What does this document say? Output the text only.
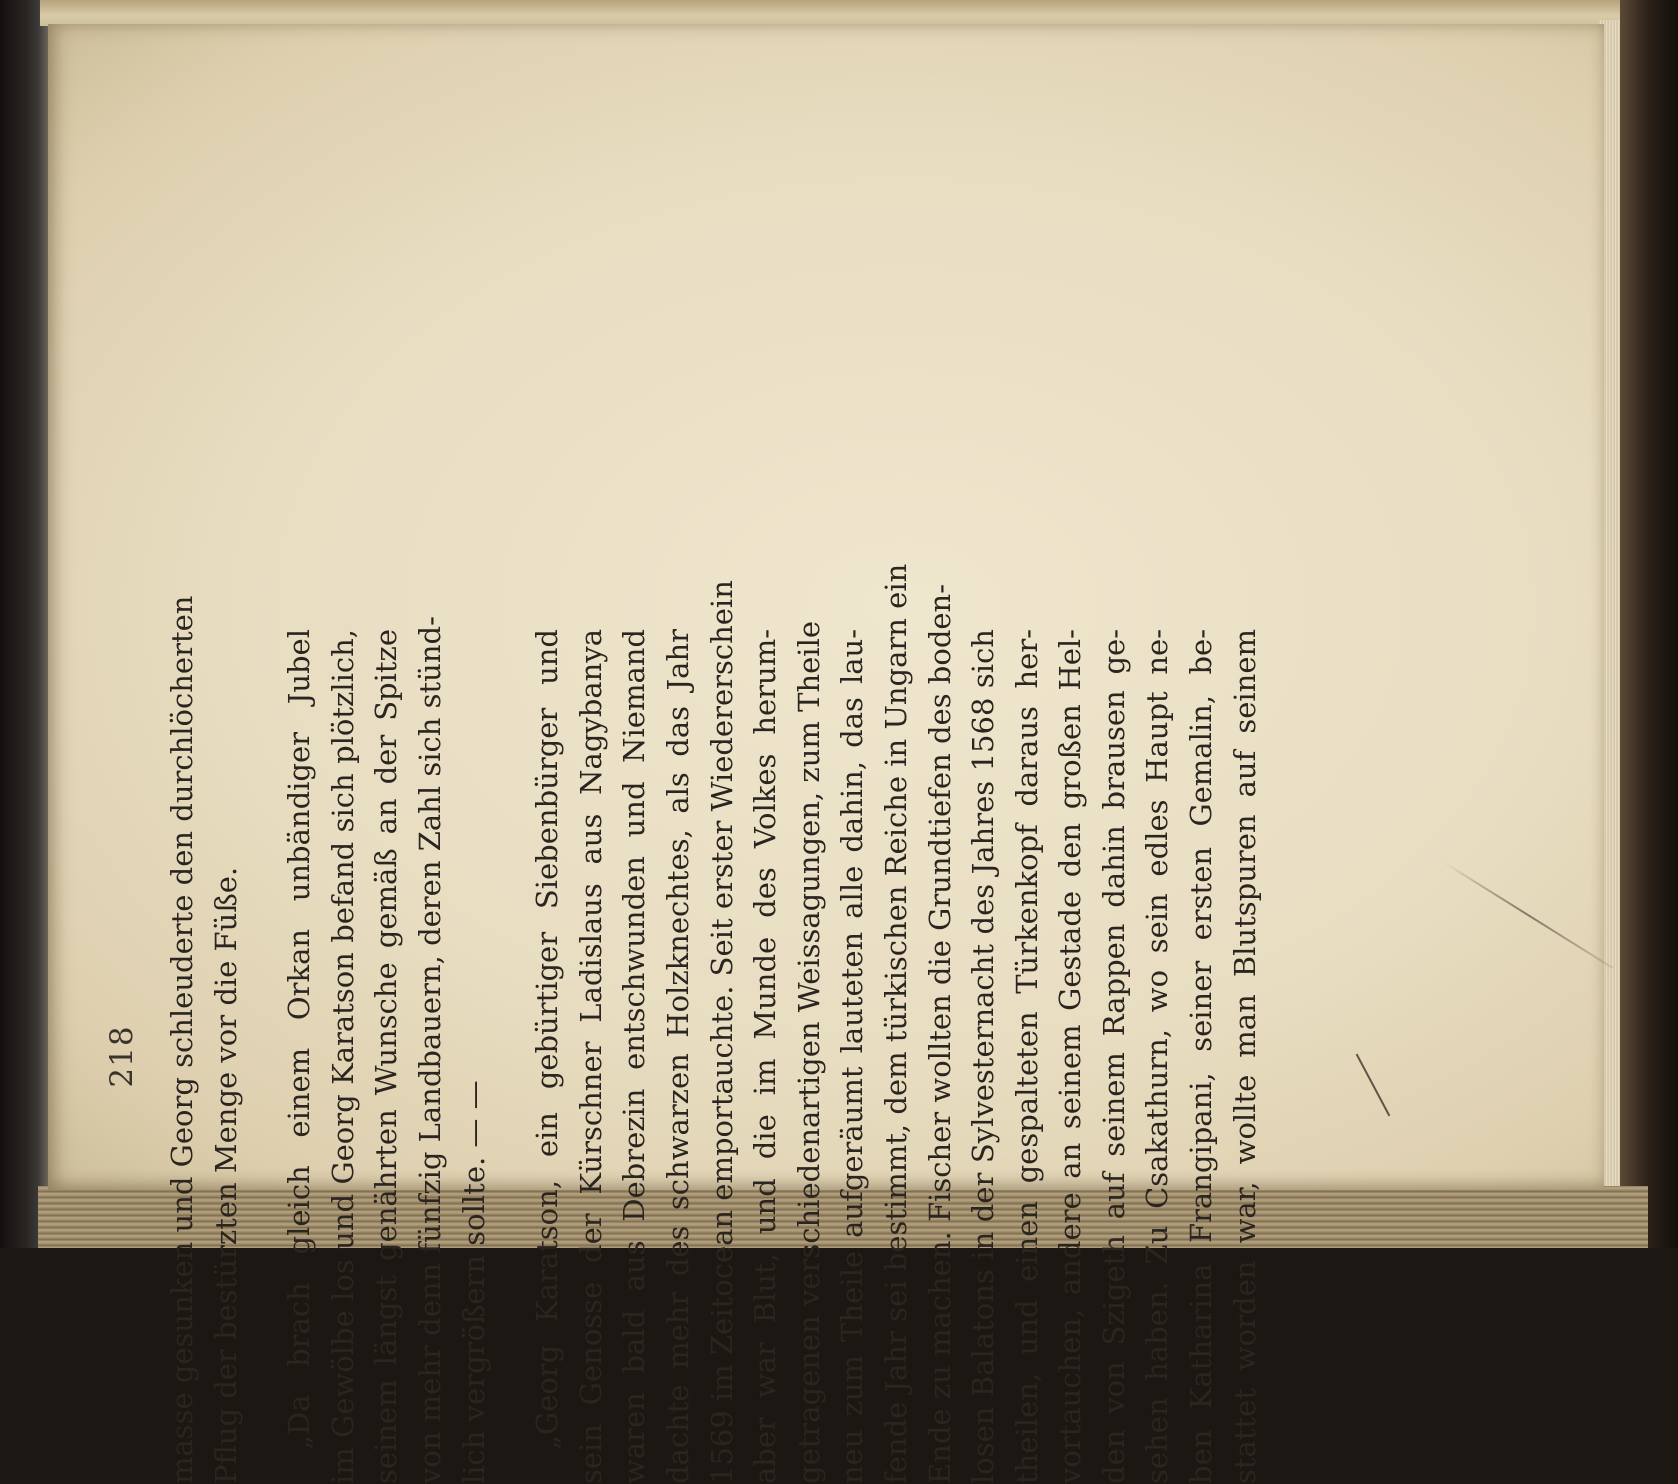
218 masse gesunken und Georg schleuderte den durchlöcherten Pflug der bestürzten Menge vor die Füße. „Da brach gleich einem Orkan unbändiger Jubel im Gewölbe los und Georg Karatson befand sich plötzlich, seinem längst genährten Wunsche gemäß an der Spitze von mehr denn fünfzig Landbauern, deren Zahl sich stünd- lich vergrößern sollte. — — „Georg Karatson, ein gebürtiger Siebenbürger und sein Genosse der Kürschner Ladislaus aus Nagybanya waren bald aus Debrezin entschwunden und Niemand dachte mehr des schwarzen Holzknechtes, als das Jahr 1569 im Zeitocean emportauchte. Seit erster Wiedererschein aber war Blut, und die im Munde des Volkes herum- getragenen verschiedenartigen Weissagungen, zum Theile neu zum Theile aufgeräumt lauteten alle dahin, das lau- fende Jahr sei bestimmt, dem türkischen Reiche in Ungarn ein Ende zu machen. Fischer wollten die Grundtiefen des boden- losen Balatons in der Sylvesternacht des Jahres 1568 sich theilen, und einen gespalteten Türkenkopf daraus her- vortauchen, andere an seinem Gestade den großen Hel- den von Szigeth auf seinem Rappen dahin brausen ge- sehen haben. Zu Csakathurn, wo sein edles Haupt ne- ben Katharina Frangipani, seiner ersten Gemalin, be- stattet worden war, wollte man Blutspuren auf seinem
